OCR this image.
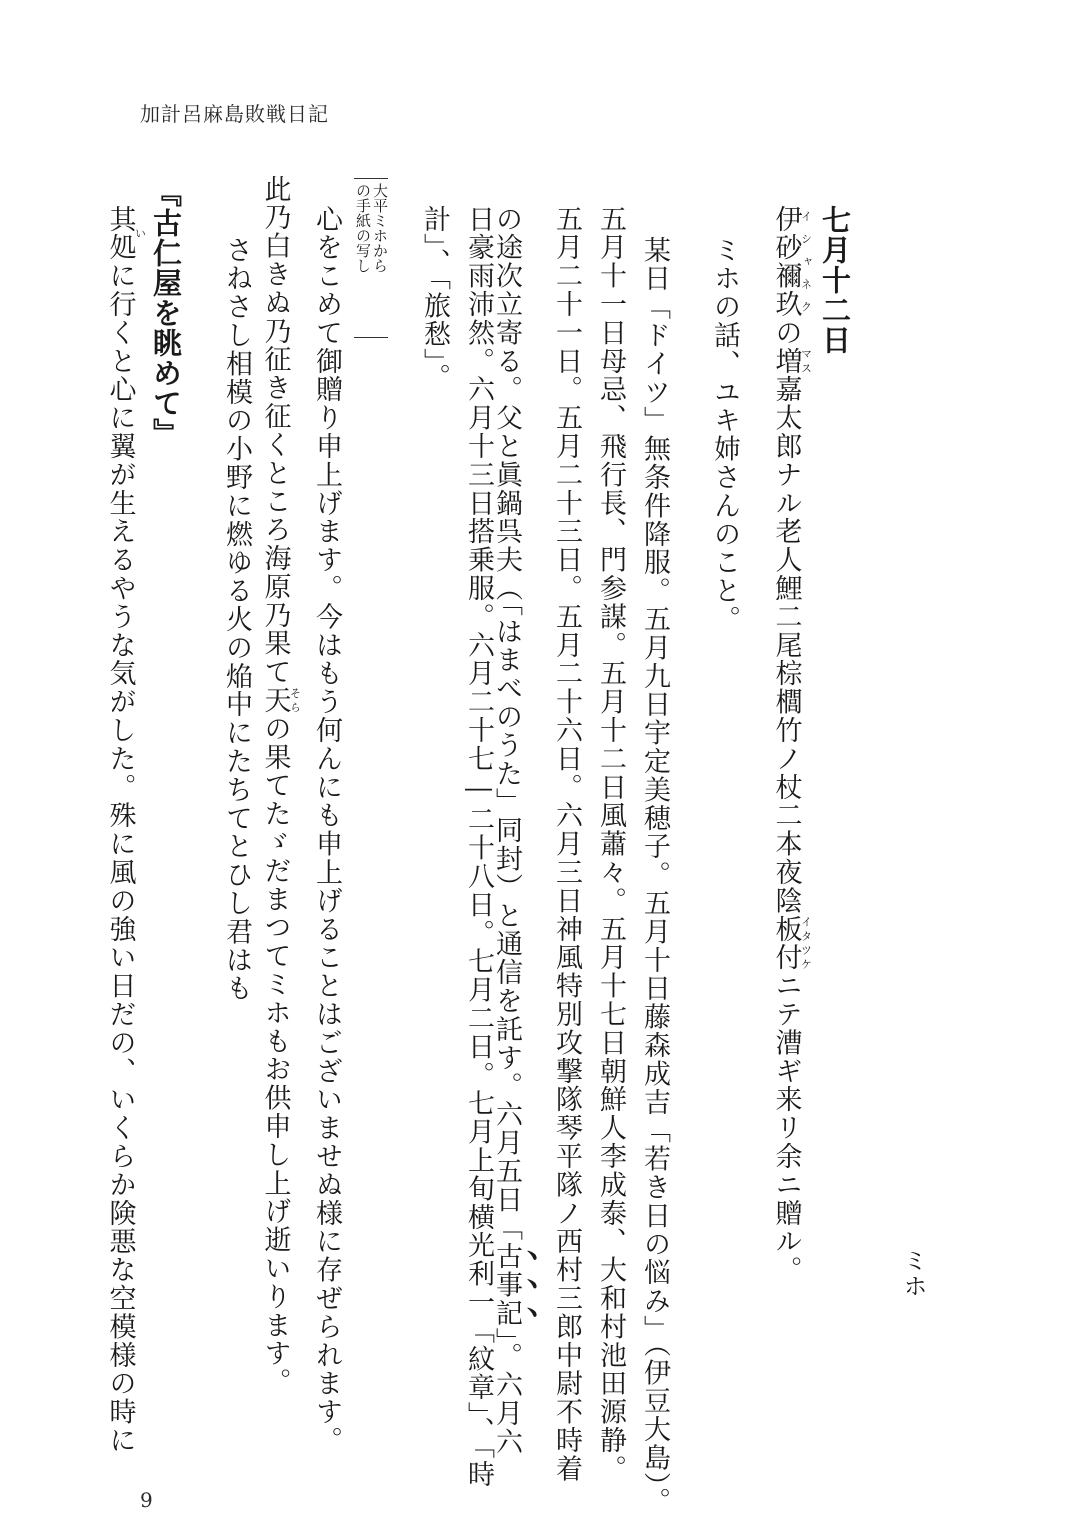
加計呂麻島敗戦日記
七月十二日
伊砂禰玖イシャネクの増マス嘉太郎ナル老人鯉二尾棕櫚竹ノ杖二本夜陰板付イタツケニテ漕ギ来リ余ニ贈ル。
ミホの話、ユキ姉さんのこと。
某日「ドイツ」無条件降服。五月九日宇定美穂子。五月十日藤森成吉「若き日の悩み」（伊豆大島）。
五月十一日母忌、飛行長、門参謀。五月十二日風蕭々。五月十七日朝鮮人李成泰、大和村池田源静。
五月二十一日。五月二十三日。五月二十六日。六月三日神風特別攻撃隊琴平隊ノ西村三郎中尉不時着
の途次立寄る。父と眞鍋呉夫（「はまべのうた」同封）と通信を託す。六月五日「古事記」。六月六
日豪雨沛然。六月十三日搭乗服。六月二十七―二十八日。七月二日。七月上旬横光利一「紋章」、「時
計」、「旅愁」。
ミホ
大平ミホから
の手紙の写し
心をこめて御贈り申上げます。今はもう何んにも申上げることはございませぬ様に存ぜられます。
此乃白きぬ乃征き征くところ海原乃果て天そらの果てたゞだまつてミホもお供申し上げ逝いります。
さねさし相模の小野に燃ゆる火の焔中にたちてとひし君はも
『古仁屋を眺めて』
其処いに行くと心に翼が生えるやうな気がした。殊に風の強い日だの、いくらか険悪な空模様の時に
9
